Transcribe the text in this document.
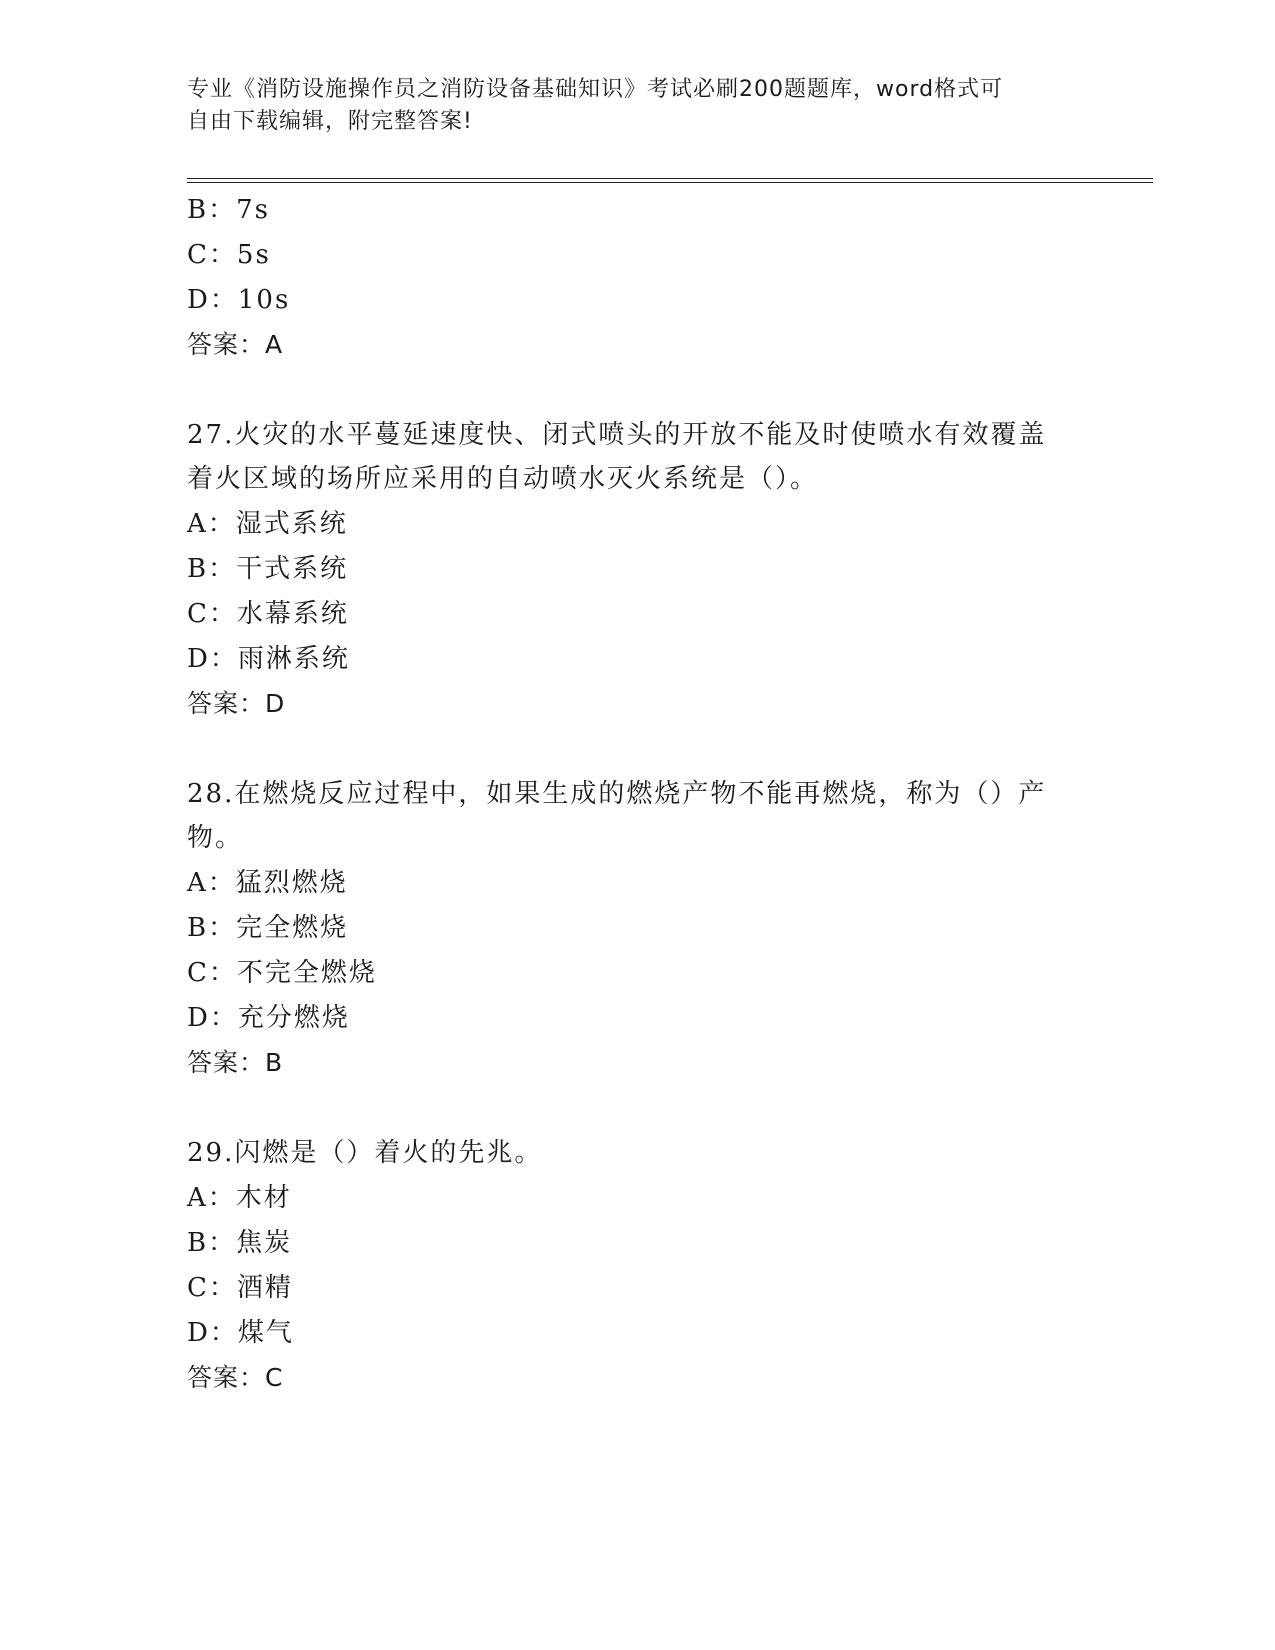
专业《消防设施操作员之消防设备基础知识》考试必刷200题题库，word格式可
自由下载编辑，附完整答案!
B：7s
C：5s
D：10s
答案：A
27.火灾的水平蔓延速度快、闭式喷头的开放不能及时使喷水有效覆盖
着火区域的场所应采用的自动喷水灭火系统是（）。
A：湿式系统
B：干式系统
C：水幕系统
D：雨淋系统
答案：D
28.在燃烧反应过程中，如果生成的燃烧产物不能再燃烧，称为（）产
物。
A：猛烈燃烧
B：完全燃烧
C：不完全燃烧
D：充分燃烧
答案：B
29.闪燃是（）着火的先兆。
A：木材
B：焦炭
C：酒精
D：煤气
答案：C
